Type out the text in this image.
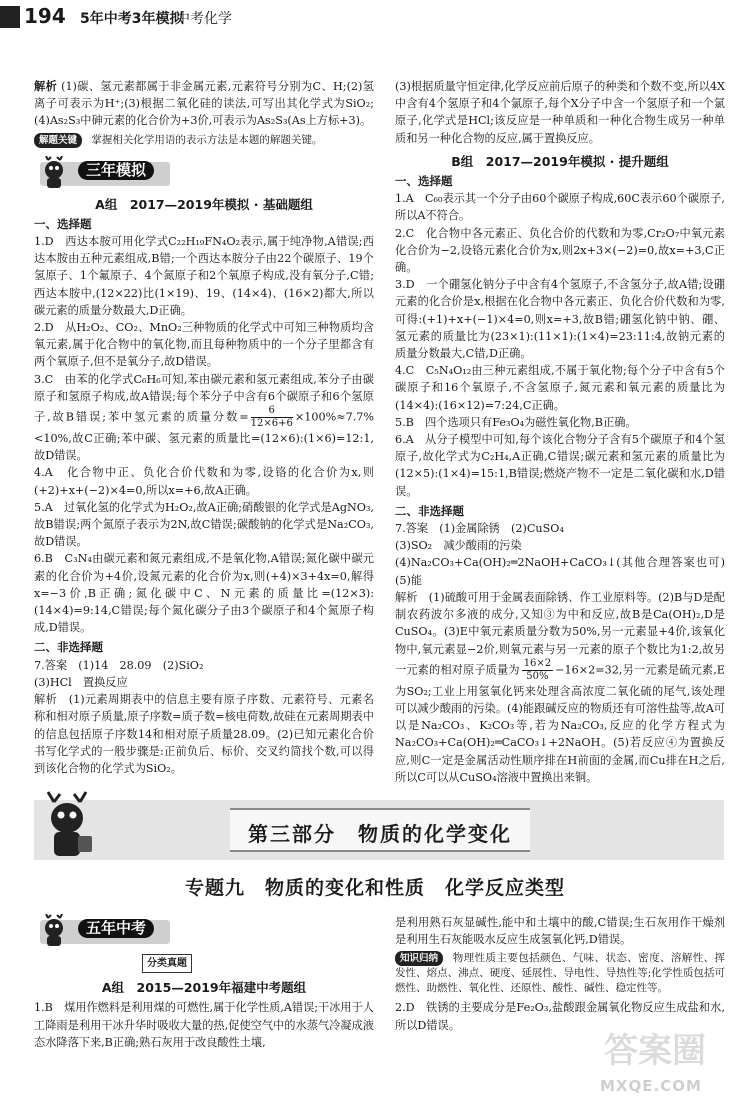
194 5年中考3年模拟
中考化学

解析 (1)碳、氢元素都属于非金属元素,元素符号分别为C、H;(2)氢离子可表示为H⁺;(3)根据二氧化硅的读法,可写出其化学式为SiO₂;(4)As₂S₃中砷元素的化合价为+3价,可表示为As₂S₃(As上方标+3)。

解题关键 掌握相关化学用语的表示方法是本题的解题关键。

三年模拟
A组　2017—2019年模拟 · 基础题组
一、选择题

1.D　西达本胺可用化学式C₂₂H₁₉FN₄O₂表示,属于纯净物,A错误;西达本胺由五种元素组成,B错;一个西达本胺分子由22个碳原子、19个氢原子、1个氟原子、4个氮原子和2个氧原子构成,没有氧分子,C错;西达本胺中,(12×22)比(1×19)、19、(14×4)、(16×2)都大,所以碳元素的质量分数最大,D正确。

2.D　从H₂O₂、CO₂、MnO₂三种物质的化学式中可知三种物质均含氧元素,属于化合物中的氧化物,而且每种物质中的一个分子里都含有两个氧原子,但不是氧分子,故D错误。

3.C　由苯的化学式C₆H₆可知,苯由碳元素和氢元素组成,苯分子由碳原子和氢原子构成,故A错误;每个苯分子中含有6个碳原子和6个氢原子,故B错误;苯中氢元素的质量分数= $\frac{6}{12\times 6+6} \times 100\%\approx 7.7\%<10\%$,故C正确;苯中碳、氢元素的质量比=(12×6):(1×6)=12:1,故D错误。

4.A　化合物中正、负化合价代数和为零,设铬的化合价为x,则(+2)+x+(−2)×4=0,所以x=+6,故A正确。

5.A　过氧化氢的化学式为H₂O₂,故A正确;硝酸银的化学式是AgNO₃,故B错误;两个氮原子表示为2N,故C错误;碳酸钠的化学式是Na₂CO₃,故D错误。

6.B　C₃N₄由碳元素和氮元素组成,不是氧化物,A错误;氮化碳中碳元素的化合价为+4价,设氮元素的化合价为x,则(+4)×3+4x=0,解得x=−3价,B正确;氮化碳中C、N元素的质量比=(12×3):(14×4)=9:14,C错误;每个氮化碳分子由3个碳原子和4个氮原子构成,D错误。

二、非选择题

7.答案　(1)14　28.09　(2)SiO₂

(3)HCl　置换反应

解析　(1)元素周期表中的信息主要有原子序数、元素符号、元素名称和相对原子质量,原子序数=质子数=核电荷数,故硅在元素周期表中的信息包括原子序数14和相对原子质量28.09。(2)已知元素化合价书写化学式的一般步骤是:正前负后、标价、交叉约简找个数,可以得到该化合物的化学式为SiO₂。

(3)根据质量守恒定律,化学反应前后原子的种类和个数不变,所以4X中含有4个氢原子和4个氯原子,每个X分子中含一个氢原子和一个氯原子,化学式是HCl;该反应是一种单质和一种化合物生成另一种单质和另一种化合物的反应,属于置换反应。

B组　2017—2019年模拟 · 提升题组
一、选择题

1.A　C₆₀表示其一个分子由60个碳原子构成,60C表示60个碳原子,所以A不符合。

2.C　化合物中各元素正、负化合价的代数和为零,Cr₂O₇中氧元素化合价为−2,设铬元素化合价为x,则2x+3×(−2)=0,故x=+3,C正确。

3.D　一个硼氢化钠分子中含有4个氢原子,不含氢分子,故A错;设硼元素的化合价是x,根据在化合物中各元素正、负化合价代数和为零,可得:(+1)+x+(−1)×4=0,则x=+3,故B错;硼氢化钠中钠、硼、氢元素的质量比为(23×1):(11×1):(1×4)=23:11:4,故钠元素的质量分数最大,C错,D正确。

4.C　C₅N₄O₁₂由三种元素组成,不属于氧化物;每个分子中含有5个碳原子和16个氧原子,不含氢原子,氮元素和氧元素的质量比为(14×4):(16×12)=7:24,C正确。

5.B　四个选项只有Fe₃O₄为磁性氧化物,B正确。

6.A　从分子模型中可知,每个该化合物分子含有5个碳原子和4个氢原子,故化学式为C₂H₄,A正确,C错误;碳元素和氢元素的质量比为(12×5):(1×4)=15:1,B错误;燃烧产物不一定是二氧化碳和水,D错误。

二、非选择题

7.答案　(1)金属除锈　(2)CuSO₄

(3)SO₂　减少酸雨的污染

(4)Na₂CO₃+Ca(OH)₂═2NaOH+CaCO₃↓(其他合理答案也可)　(5)能

解析　(1)硫酸可用于金属表面除锈、作工业原料等。(2)B与D是配制农药波尔多液的成分,又知③为中和反应,故B是Ca(OH)₂,D是CuSO₄。(3)E中氧元素质量分数为50%,另一元素显+4价,该氧化物中,氧元素显−2价,则氧元素与另一元素的原子个数比为1:2,故另一元素的相对原子质量为 $\frac{16\times 2}{50\%} -16\times 2=32$,另一元素是硫元素,E为SO₂;工业上用氢氧化钙来处理含高浓度二氧化硫的尾气,该处理可以减少酸雨的污染。(4)能跟碱反应的物质还有可溶性盐等,故A可以是Na₂CO₃、K₂CO₃等,若为Na₂CO₃,反应的化学方程式为Na₂CO₃+Ca(OH)₂═CaCO₃↓+2NaOH。(5)若反应④为置换反应,则C一定是金属活动性顺序排在H前面的金属,而Cu排在H之后,所以C可以从CuSO₄溶液中置换出来铜。

第三部分　物质的化学变化
专题九　物质的变化和性质　化学反应类型
五年中考
分类真题
A组　2015—2019年福建中考题组

1.B　煤用作燃料是利用煤的可燃性,属于化学性质,A错误;干冰用于人工降雨是利用干冰升华时吸收大量的热,促使空气中的水蒸气冷凝成液态水降落下来,B正确;熟石灰用于改良酸性土壤,

是利用熟石灰显碱性,能中和土壤中的酸,C错误;生石灰用作干燥剂是利用生石灰能吸水反应生成氢氧化钙,D错误。

知识归纳 物理性质主要包括颜色、气味、状态、密度、溶解性、挥发性、熔点、沸点、硬度、延展性、导电性、导热性等;化学性质包括可燃性、助燃性、氧化性、还原性、酸性、碱性、稳定性等。

2.D　铁锈的主要成分是Fe₂O₃,盐酸跟金属氧化物反应生成盐和水,所以D错误。

答案圈
MXQE.COM
